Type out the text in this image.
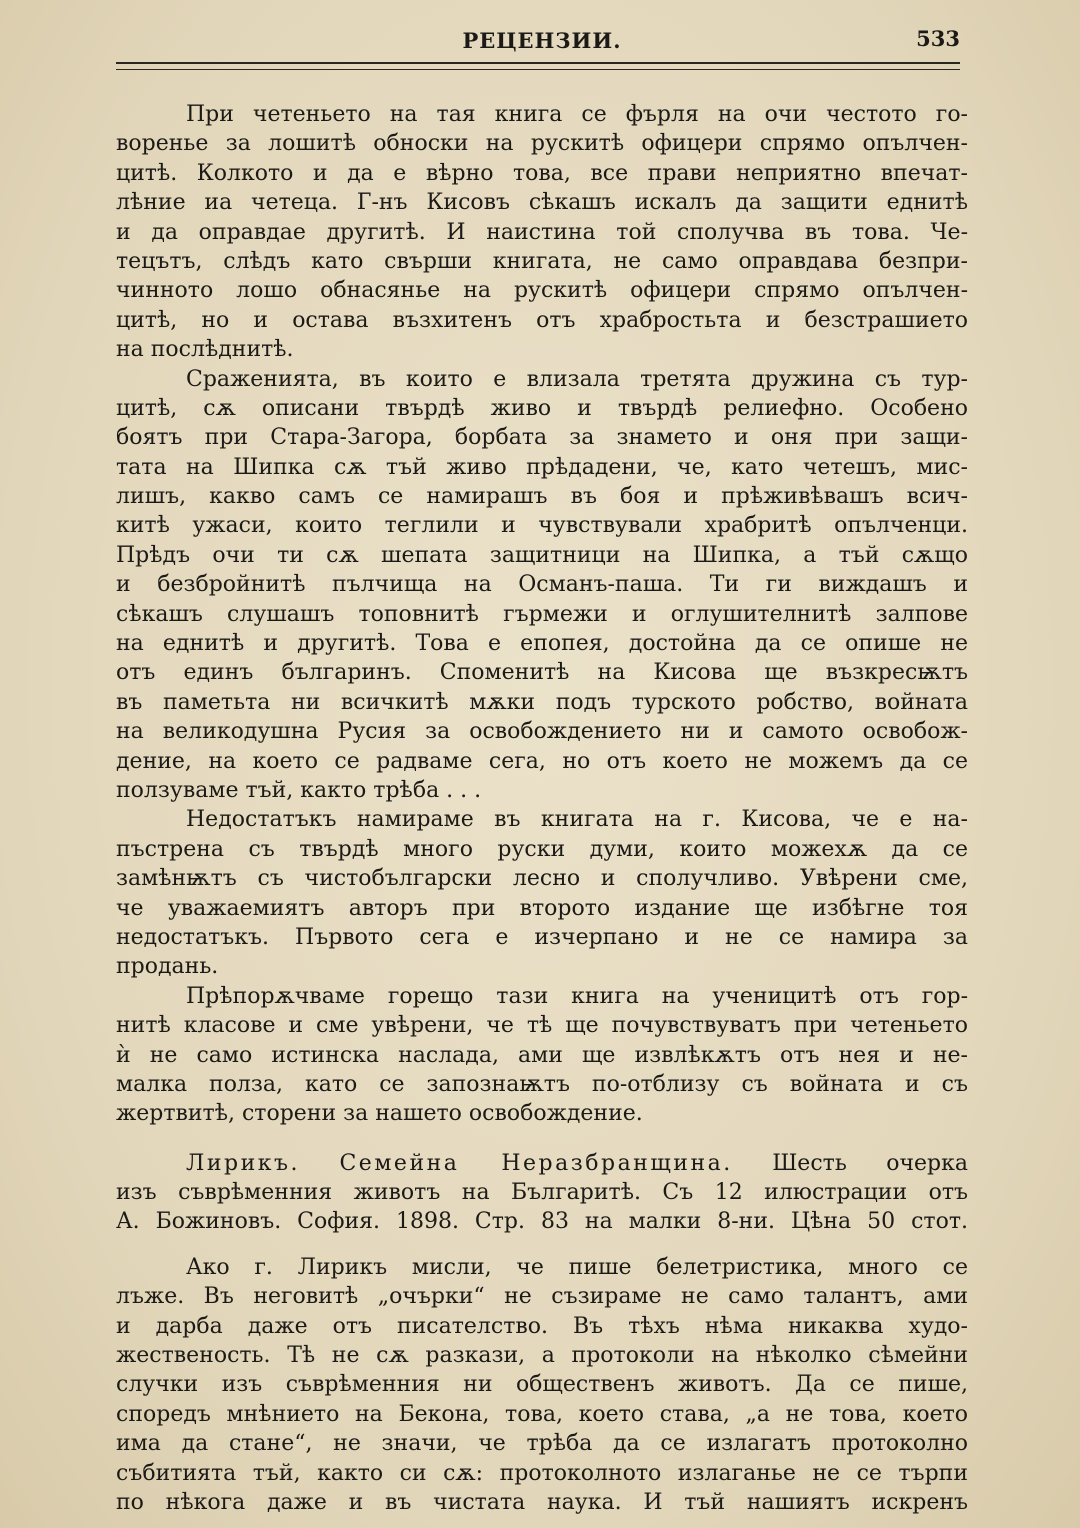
РЕЦЕНЗИИ.	533
При четеньето на тая книга се фърля на очи честото го-
воренье за лошитѣ обноски на рускитѣ офицери спрямо опълчен-
цитѣ. Колкото и да е вѣрно това, все прави неприятно впечат-
лѣние иа четеца. Г-нъ Кисовъ сѣкашъ искалъ да защити еднитѣ
и да оправдае другитѣ. И наистина той сполучва въ това. Че-
тецътъ, слѣдъ като свърши книгата, не само оправдава безпри-
чинното лошо обнасянье на рускитѣ офицери спрямо опълчен-
цитѣ, но и остава възхитенъ отъ храбростьта и безстрашието
на послѣднитѣ.
Сраженията, въ които е влизала третята дружина съ тур-
цитѣ, сѫ описани твърдѣ живо и твърдѣ релиефно. Особено
боятъ при Стара-Загора, борбата за знамето и оня при защи-
тата на Шипка сѫ тъй живо прѣдадени, че, като четешъ, мис-
лишъ, какво самъ се намирашъ въ боя и прѣживѣвашъ всич-
китѣ ужаси, които теглили и чувствували храбритѣ опълченци.
Прѣдъ очи ти сѫ шепата защитници на Шипка, а тъй сѫщо
и безбройнитѣ пълчища на Османъ-паша. Ти ги виждашъ и
сѣкашъ слушашъ топовнитѣ гърмежи и оглушителнитѣ залпове
на еднитѣ и другитѣ. Това е епопея, достойна да се опише не
отъ единъ българинъ. Споменитѣ на Кисова ще възкресѭтъ
въ паметьта ни всичкитѣ мѫки подъ турското робство, войната
на великодушна Русия за освобождението ни и самото освобож-
дение, на което се радваме сега, но отъ което не можемъ да се
ползуваме тъй, както трѣба . . .
Недостатъкъ намираме въ книгата на г. Кисова, че е на-
пъстрена съ твърдѣ много руски думи, които можехѫ да се
замѣнѭтъ съ чистобългарски лесно и сполучливо. Увѣрени сме,
че уважаемиятъ авторъ при второто издание ще избѣгне тоя
недостатъкъ. Първото сега е изчерпано и не се намира за
продань.
Прѣпорѫчваме горещо тази книга на ученицитѣ отъ гор-
нитѣ класове и сме увѣрени, че тѣ ще почувствуватъ при четеньето
ѝ не само истинска наслада, ами ще извлѣкѫтъ отъ нея и не-
малка полза, като се запознаѭтъ по-отблизу съ войната и съ
жертвитѣ, сторени за нашето освобождение.
Лирикъ. Семейна Неразбранщина. Шесть очерка
изъ съврѣменния животъ на Българитѣ. Съ 12 илюстрации отъ
А. Божиновъ. София. 1898. Стр. 83 на малки 8-ни. Цѣна 50 стот.
Ако г. Лирикъ мисли, че пише белетристика, много се
лъже. Въ неговитѣ „очърки“ не съзираме не само талантъ, ами
и дарба даже отъ писателство. Въ тѣхъ нѣма никаква худо-
жественость. Тѣ не сѫ разкази, а протоколи на нѣколко сѣмейни
случки изъ съврѣменния ни общественъ животъ. Да се пише,
споредъ мнѣнието на Бекона, това, което става, „а не това, което
има да стане“, не значи, че трѣба да се излагатъ протоколно
събитията тъй, както си сѫ: протоколното излаганье не се търпи
по нѣкога даже и въ чистата наука. И тъй нашиятъ искренъ
